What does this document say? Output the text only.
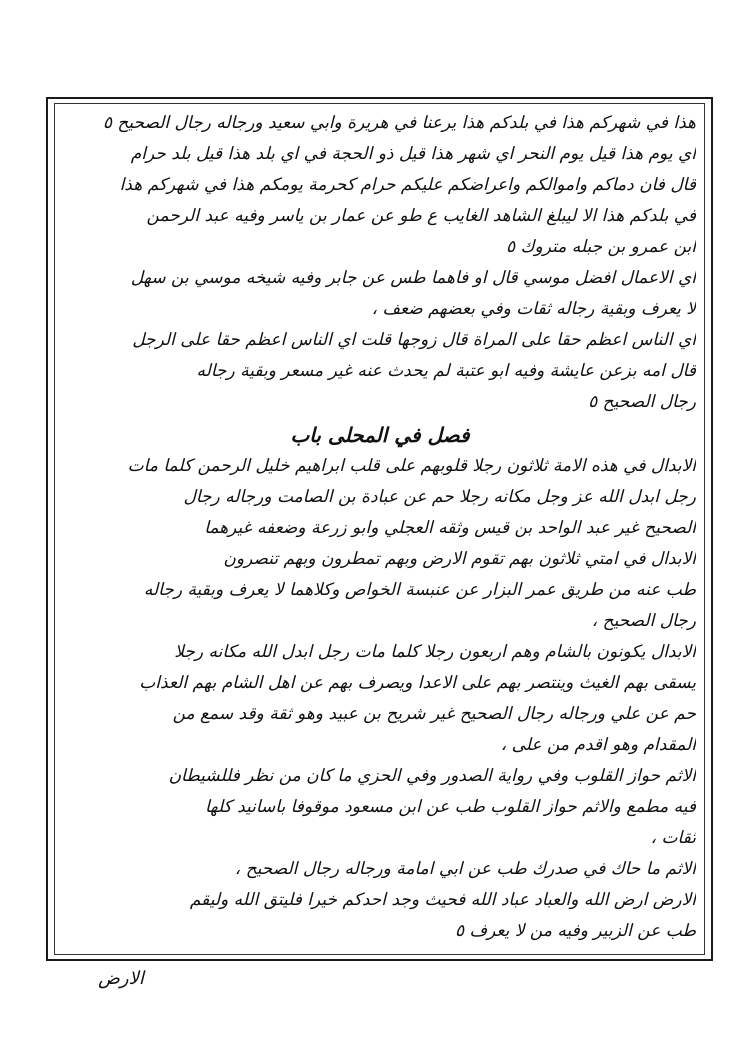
هذا في شهركم هذا في بلدكم هذا يرعنا في هريرة وابي سعيد ورجاله رجال الصحيح ٥
اي يوم هذا قيل يوم النحر اي شهر هذا قيل ذو الحجة في اي بلد هذا قيل بلد حرام
قال فان دماكم واموالكم واعراضكم عليكم حرام كحرمة يومكم هذا في شهركم هذا
في بلدكم هذا الا ليبلغ الشاهد الغايب ع طو عن عمار بن ياسر وفيه عبد الرحمن
ابن عمرو بن جبله متروك ٥
اي الاعمال افضل موسي قال او فاهما طس عن جابر وفيه شيخه موسي بن سهل
لا يعرف وبقية رجاله ثقات وفي بعضهم ضعف ،
اي الناس اعظم حقا على المراة قال زوجها قلت اي الناس اعظم حقا على الرجل
قال امه بزعن عايشة وفيه ابو عتبة لم يحدث عنه غير مسعر وبقية رجاله
رجال الصحيح ٥
فصل في المحلى باب
الابدال في هذه الامة ثلاثون رجلا قلوبهم على قلب ابراهيم خليل الرحمن كلما مات
رجل ابدل الله عز وجل مكانه رجلا حم عن عبادة بن الصامت ورجاله رجال
الصحيح غير عبد الواحد بن قيس وثقه العجلي وابو زرعة وضعفه غيرهما
الابدال في امتي ثلاثون بهم تقوم الارض وبهم تمطرون وبهم تنصرون
طب عنه من طريق عمر البزار عن عنبسة الخواص وكلاهما لا يعرف وبقية رجاله
رجال الصحيح ،
الابدال يكونون بالشام وهم اربعون رجلا كلما مات رجل ابدل الله مكانه رجلا
يسقى بهم الغيث وينتصر بهم على الاعدا ويصرف بهم عن اهل الشام بهم العذاب
حم عن علي ورجاله رجال الصحيح غير شريح بن عبيد وهو ثقة وقد سمع من
المقدام وهو اقدم من على ،
الاثم حواز القلوب وفي رواية الصدور وفي الحزي ما كان من نظر فللشيطان
فيه مطمع والاثم حواز القلوب طب عن ابن مسعود موقوفا باسانيد كلها
ثقات ،
الاثم ما حاك في صدرك طب عن ابي امامة ورجاله رجال الصحيح ،
الارض ارض الله والعباد عباد الله فحيث وجد احدكم خيرا فليتق الله وليقم
طب عن الزبير وفيه من لا يعرف ٥
الارض
